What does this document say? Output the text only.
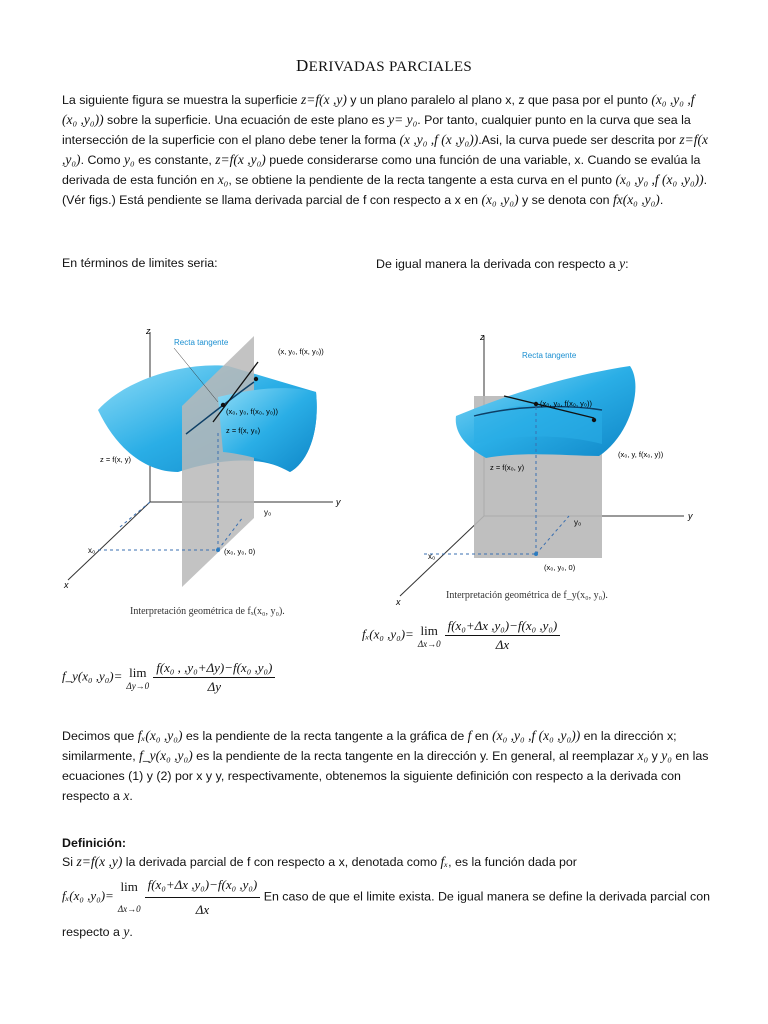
DERIVADAS PARCIALES
La siguiente figura se muestra la superficie z=f(x ,y) y un plano paralelo al plano x, z que pasa por el punto (x₀ ,y₀ ,f (x₀ ,y₀)) sobre la superficie. Una ecuación de este plano es y= y₀. Por tanto, cualquier punto en la curva que sea la intersección de la superficie con el plano debe tener la forma (x ,y₀ ,f (x ,y₀)).Asi, la curva puede ser descrita por z=f(x ,y₀). Como y₀ es constante, z=f(x ,y₀) puede considerarse como una función de una variable, x. Cuando se evalúa la derivada de esta función en x₀, se obtiene la pendiente de la recta tangente a esta curva en el punto (x₀ ,y₀ ,f (x₀ ,y₀)). (Vér figs.) Está pendiente se llama derivada parcial de f con respecto a x en (x₀ ,y₀) y se denota con fx(x₀ ,y₀).
En términos de limites seria:	De igual manera la derivada con respecto a y:
z
y
x
y₀
x₀	(x₀, y₀, 0)
Recta tangente
(x, y₀, f(x, y₀))
(x₀, y₀, f(x₀, y₀))
z = f(x, y₀)
z = f(x, y)
Interpretación geométrica de fₓ(x₀, y₀).
z
y
x
y₀
x₀
(x₀, y₀, 0)
Recta tangente
(x₀, y₀, f(x₀, y₀))
(x₀, y, f(x₀, y))
z = f(x₀, y)
Interpretación geométrica de f_y(x₀, y₀).
fₓ(x₀ ,y₀)= lim
$\Delta x\to 0 \frac{\text{f(x₀+Δx ,y₀)−f(x₀ ,y₀)}}{\Delta x}$
f_y(x₀ ,y₀)= lim
$\Delta y\to 0 \frac{\text{f(x₀ , ,y₀+Δy)−f(x₀ ,y₀)}}{\Delta y}$
Decimos que fₓ(x₀ ,y₀) es la pendiente de la recta tangente a la gráfica de f en (x₀ ,y₀ ,f (x₀ ,y₀)) en la dirección x; similarmente, f_y(x₀ ,y₀) es la pendiente de la recta tangente en la dirección y. En general, al reemplazar x₀ y y₀ en las ecuaciones (1) y (2) por x y y, respectivamente, obtenemos la siguiente definición con respecto a la derivada con respecto a x.
Definición:
Si z=f(x ,y) la derivada parcial de f con respecto a x, denotada como fₓ, es la función dada por
fₓ(x₀ ,y₀)=
lim
$\Delta x\to 0 \frac{\text{f(x₀+Δx ,y₀)−f(x₀ ,y₀)}}{\Delta x}$ En caso de que el limite exista. De igual manera se define la derivada parcial con respecto a y.
